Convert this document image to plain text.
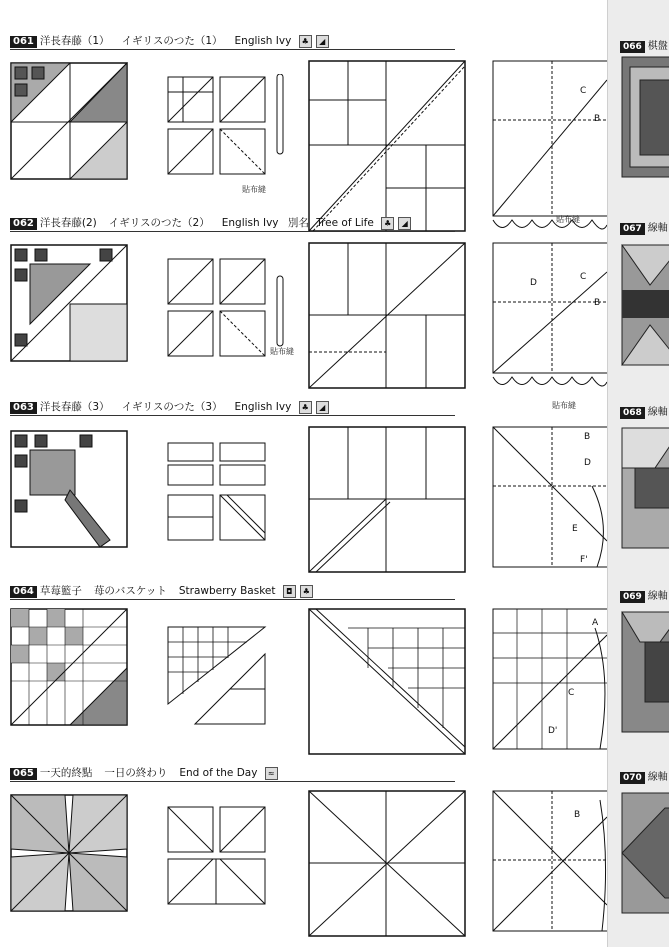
066 棋盤
067 線軸
068 線軸
069 線軸
070 線軸
061 洋長春藤（1） イギリスのつた（1） English Ivy ♣ ◢
貼布縫
C
B
貼布縫
062 洋長春藤(2) イギリスのつた（2） English Ivy 別名 Tree of Life ♣ ◢
貼布縫
D
C
B
貼布縫
063 洋長春藤（3） イギリスのつた（3） English Ivy ♣ ◢
B
D
E
F'
064 草莓籃子 苺のバスケット Strawberry Basket ◘ ♣
A
C
D'
065 一天的終點 一日の終わり End of the Day ≈
B
